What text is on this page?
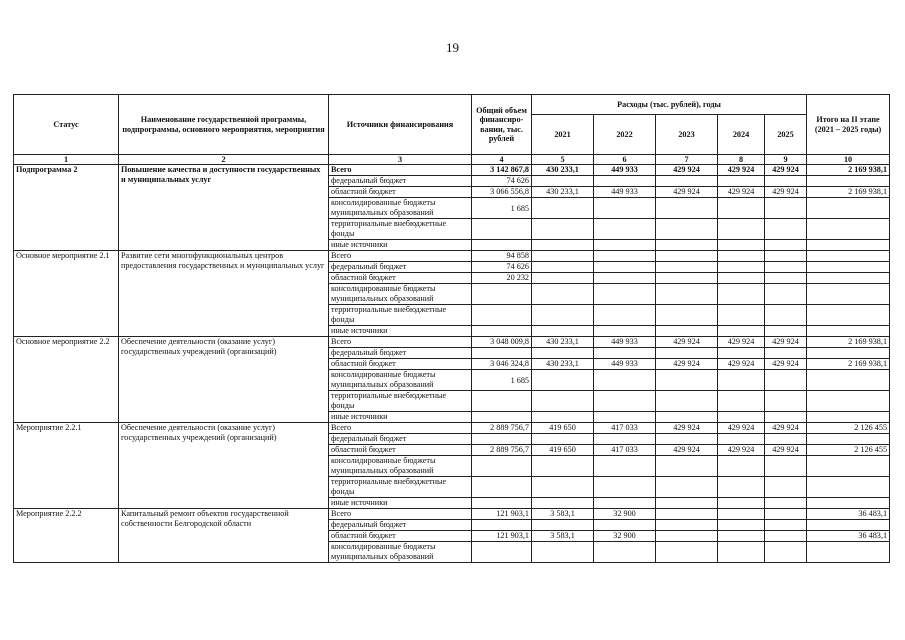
19
Статус	Наименование государственной программы, подпрограммы, основного мероприятия, мероприятия	Источники финансирования	Общий объем финансиро-вании, тыс. рублей	Расходы (тыс. рублей), годы					Итого на II этапе (2021 – 2025 годы)
				2021	2022	2023	2024	2025	
1	2	3	4	5	6	7	8	9	10
Подпрограмма 2	Повышение качества и доступности государственных и муниципальных услуг	Всего	3 142 867,8	430 233,1	449 933	429 924	429 924	429 924	2 169 938,1
		федеральный бюджет	74 626						
		областной бюджет	3 066 556,8	430 233,1	449 933	429 924	429 924	429 924	2 169 938,1
		консолидированные бюджеты муниципальных образований	1 685						
		территориальные внебюджетные фонды							
		иные источники							
Основное мероприятие 2.1	Развитие сети многофункциональных центров предоставления государственных и муниципальных услуг	Всего	94 858						
		федеральный бюджет	74 626						
		областной бюджет	20 232						
		консолидированные бюджеты муниципальных образований							
		территориальные внебюджетные фонды							
		иные источники							
Основное мероприятие 2.2	Обеспечение деятельности (оказание услуг) государственных учреждений (организаций)	Всего	3 048 009,8	430 233,1	449 933	429 924	429 924	429 924	2 169 938,1
		федеральный бюджет							
		областной бюджет	3 046 324,8	430 233,1	449 933	429 924	429 924	429 924	2 169 938,1
		консолидированные бюджеты муниципальных образований	1 685						
		территориальные внебюджетные фонды							
		иные источники							
Мероприятие 2.2.1	Обеспечение деятельности (оказание услуг) государственных учреждений (организаций)	Всего	2 889 756,7	419 650	417 033	429 924	429 924	429 924	2 126 455
		федеральный бюджет							
		областной бюджет	2 889 756,7	419 650	417 033	429 924	429 924	429 924	2 126 455
		консолидированные бюджеты муниципальных образований							
		территориальные внебюджетные фонды							
		иные источники							
Мероприятие 2.2.2	Капитальный ремонт объектов государственной собственности Белгородской области	Всего	121 903,1	3 583,1	32 900				36 483,1
		федеральный бюджет							
		областной бюджет	121 903,1	3 583,1	32 900				36 483,1
		консолидированные бюджеты муниципальных образований							
